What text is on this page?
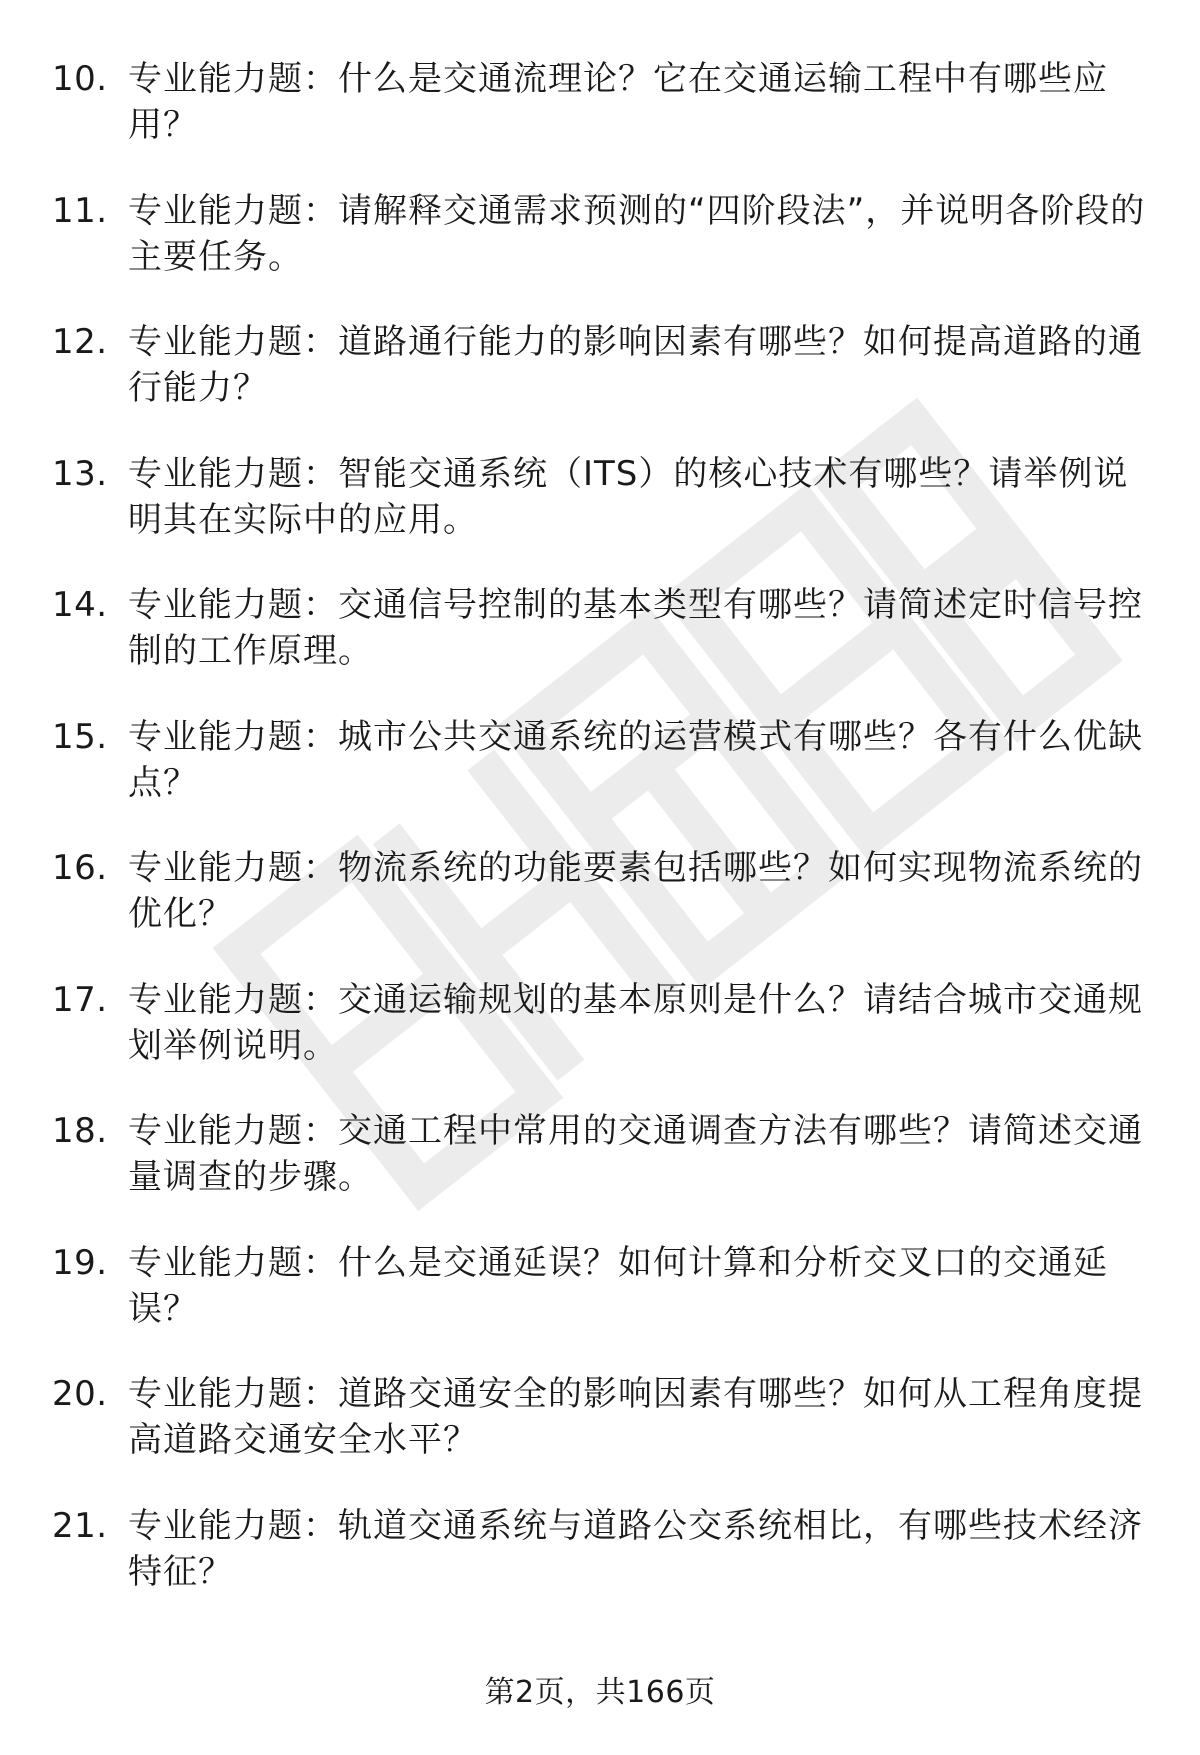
10. 专业能力题：什么是交通流理论？它在交通运输工程中有哪些应用？
11. 专业能力题：请解释交通需求预测的“四阶段法”，并说明各阶段的主要任务。
12. 专业能力题：道路通行能力的影响因素有哪些？如何提高道路的通行能力？
13. 专业能力题：智能交通系统（ITS）的核心技术有哪些？请举例说明其在实际中的应用。
14. 专业能力题：交通信号控制的基本类型有哪些？请简述定时信号控制的工作原理。
15. 专业能力题：城市公共交通系统的运营模式有哪些？各有什么优缺点？
16. 专业能力题：物流系统的功能要素包括哪些？如何实现物流系统的优化？
17. 专业能力题：交通运输规划的基本原则是什么？请结合城市交通规划举例说明。
18. 专业能力题：交通工程中常用的交通调查方法有哪些？请简述交通量调查的步骤。
19. 专业能力题：什么是交通延误？如何计算和分析交叉口的交通延误？
20. 专业能力题：道路交通安全的影响因素有哪些？如何从工程角度提高道路交通安全水平？
21. 专业能力题：轨道交通系统与道路公交系统相比，有哪些技术经济特征？
第2页，共166页
